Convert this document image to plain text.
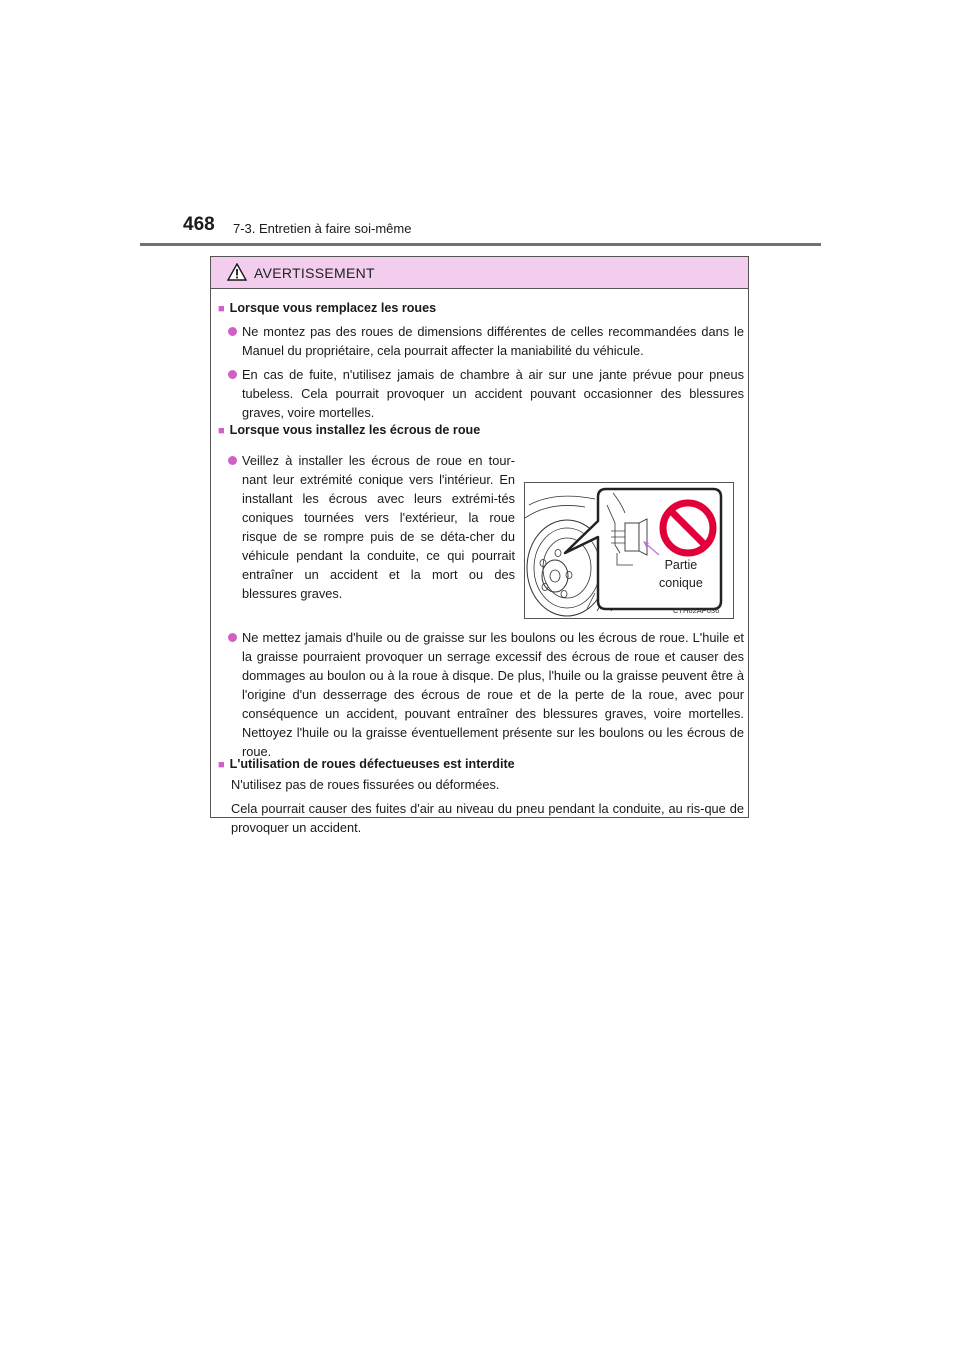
468 7-3. Entretien à faire soi-même
AVERTISSEMENT
■ Lorsque vous remplacez les roues
Ne montez pas des roues de dimensions différentes de celles recommandées dans le Manuel du propriétaire, cela pourrait affecter la maniabilité du véhicule.
En cas de fuite, n'utilisez jamais de chambre à air sur une jante prévue pour pneus tubeless. Cela pourrait provoquer un accident pouvant occasionner des blessures graves, voire mortelles.
■ Lorsque vous installez les écrous de roue
Veillez à installer les écrous de roue en tour-nant leur extrémité conique vers l'intérieur. En installant les écrous avec leurs extrémi-tés coniques tournées vers l'extérieur, la roue risque de se rompre puis de se déta-cher du véhicule pendant la conduite, ce qui pourrait entraîner un accident et la mort ou des blessures graves.
Partie
conique
CTH62AP036
Ne mettez jamais d'huile ou de graisse sur les boulons ou les écrous de roue. L'huile et la graisse pourraient provoquer un serrage excessif des écrous de roue et causer des dommages au boulon ou à la roue à disque. De plus, l'huile ou la graisse peuvent être à l'origine d'un desserrage des écrous de roue et de la perte de la roue, avec pour conséquence un accident, pouvant entraîner des blessures graves, voire mortelles. Nettoyez l'huile ou la graisse éventuellement présente sur les boulons ou les écrous de roue.
■ L'utilisation de roues défectueuses est interdite
N'utilisez pas de roues fissurées ou déformées.
Cela pourrait causer des fuites d'air au niveau du pneu pendant la conduite, au ris-que de provoquer un accident.
